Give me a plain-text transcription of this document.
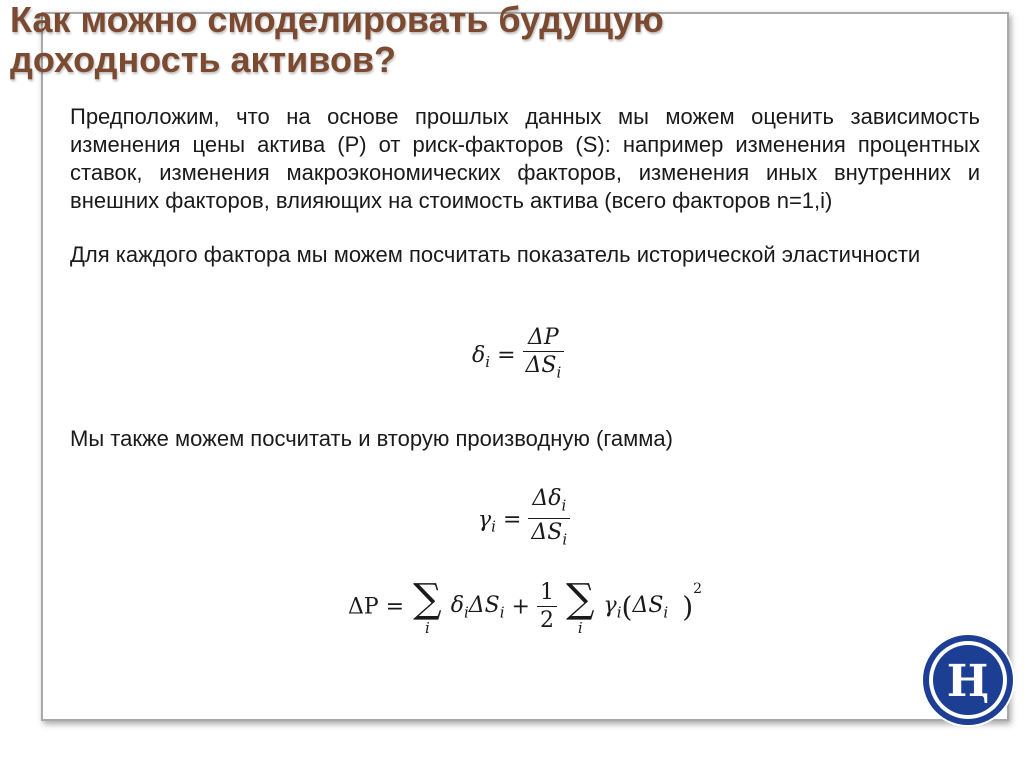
Как можно смоделировать будущую
доходность активов?

Предположим, что на основе прошлых данных мы можем оценить зависимость изменения цены актива (Р) от риск-факторов (S): например изменения процентных ставок, изменения макроэкономических факторов, изменения иных внутренних и внешних факторов, влияющих на стоимость актива (всего факторов n=1,i)

Для каждого фактора мы можем посчитать показатель исторической эластичности

$\delta_i = \frac{\Delta P}{\Delta S_i}$

Мы также можем посчитать и вторую производную (гамма)

$\gamma_i = \frac{\Delta\delta_i}{\Delta S_i}$
ΔP = ∑
i
$\delta_i\Delta S_i + \frac{1}{2}$
∑
i
$\gamma_i(\Delta S_i$ )$^2$
Ң
